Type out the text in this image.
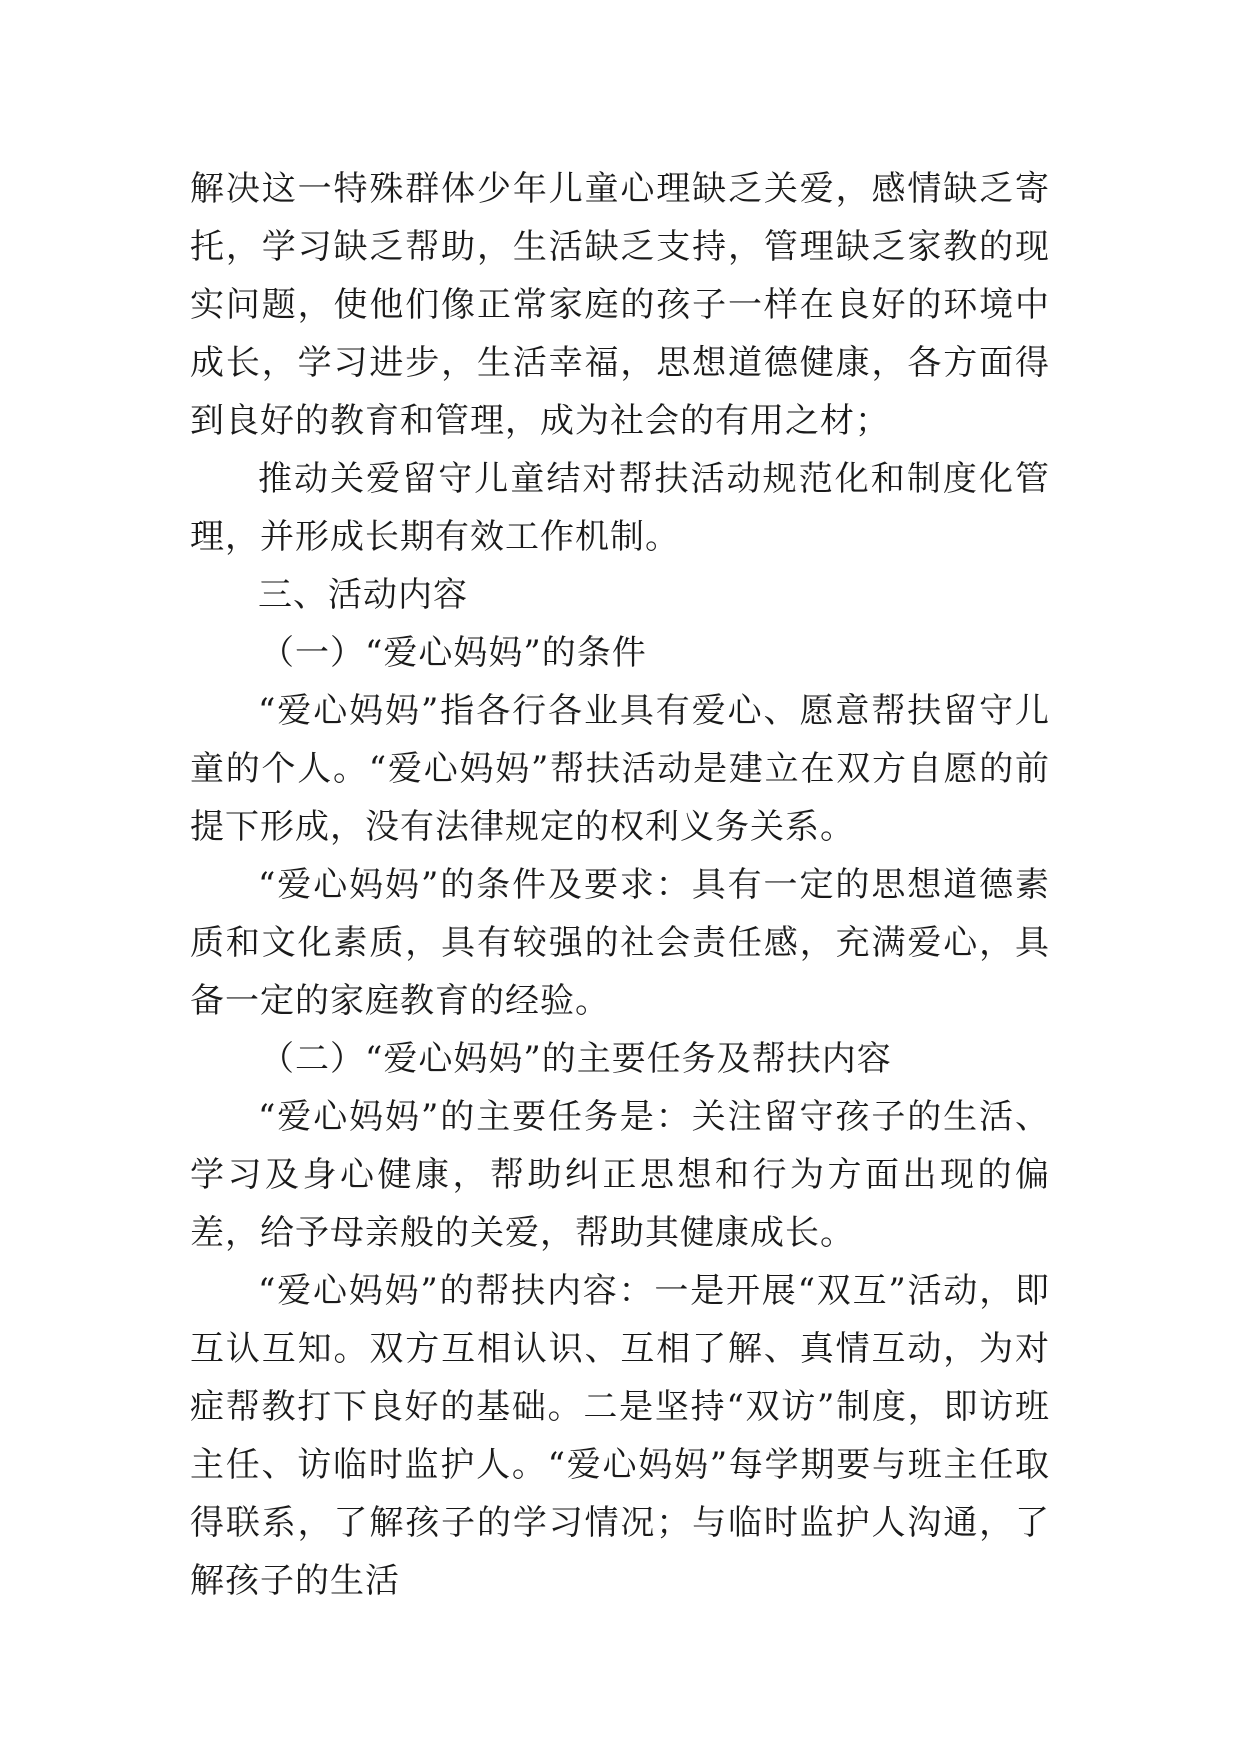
解决这一特殊群体少年儿童心理缺乏关爱，感情缺乏寄托，学习缺乏帮助，生活缺乏支持，管理缺乏家教的现实问题，使他们像正常家庭的孩子一样在良好的环境中成长，学习进步，生活幸福，思想道德健康，各方面得到良好的教育和管理，成为社会的有用之材；

推动关爱留守儿童结对帮扶活动规范化和制度化管理，并形成长期有效工作机制。

三、活动内容

（一）“爱心妈妈”的条件

“爱心妈妈”指各行各业具有爱心、愿意帮扶留守儿童的个人。“爱心妈妈”帮扶活动是建立在双方自愿的前提下形成，没有法律规定的权利义务关系。

“爱心妈妈”的条件及要求：具有一定的思想道德素质和文化素质，具有较强的社会责任感，充满爱心，具备一定的家庭教育的经验。

（二）“爱心妈妈”的主要任务及帮扶内容

“爱心妈妈”的主要任务是：关注留守孩子的生活、学习及身心健康，帮助纠正思想和行为方面出现的偏差，给予母亲般的关爱，帮助其健康成长。

“爱心妈妈”的帮扶内容：一是开展“双互”活动，即互认互知。双方互相认识、互相了解、真情互动，为对症帮教打下良好的基础。二是坚持“双访”制度，即访班主任、访临时监护人。“爱心妈妈”每学期要与班主任取得联系，了解孩子的学习情况；与临时监护人沟通，了解孩子的生活
